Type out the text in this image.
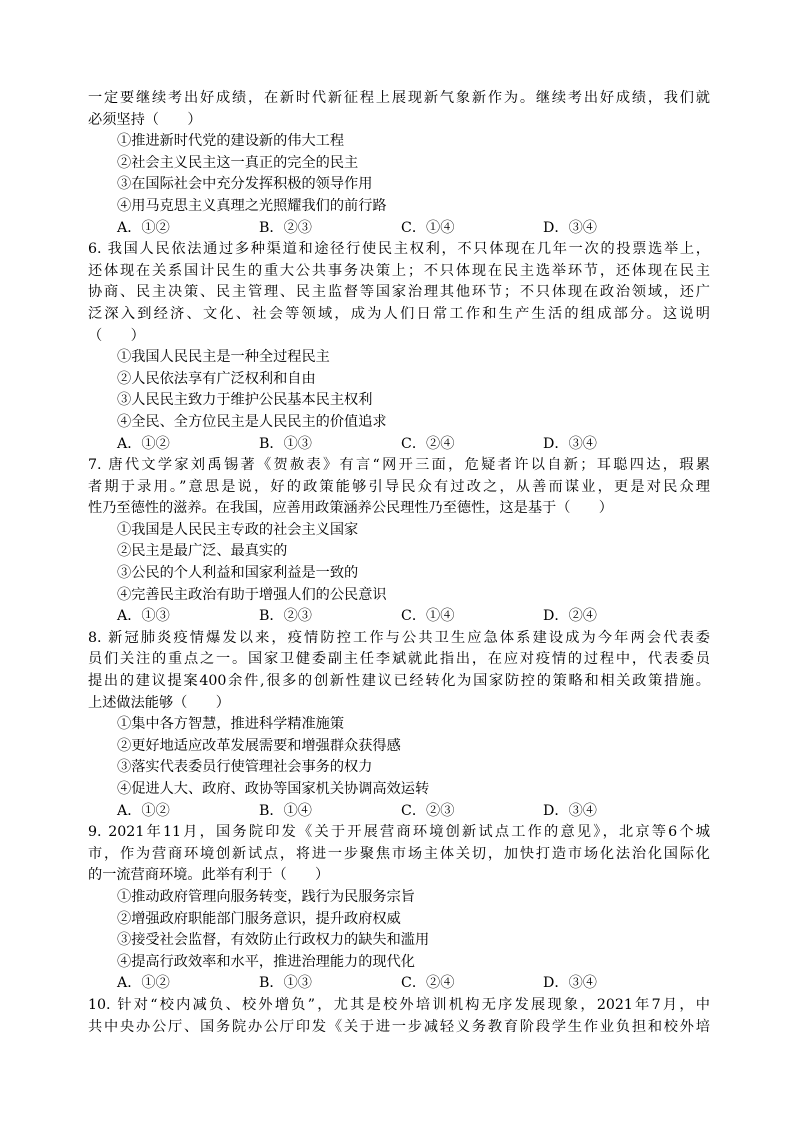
一定要继续考出好成绩，在新时代新征程上展现新气象新作为。继续考出好成绩，我们就
必须坚持（　　）
①推进新时代党的建设新的伟大工程
②社会主义民主这一真正的完全的民主
③在国际社会中充分发挥积极的领导作用
④用马克思主义真理之光照耀我们的前行路
A．①②	B．②③	C．①④	D．③④
6. 我国人民依法通过多种渠道和途径行使民主权利，不只体现在几年一次的投票选举上，
还体现在关系国计民生的重大公共事务决策上；不只体现在民主选举环节，还体现在民主
协商、民主决策、民主管理、民主监督等国家治理其他环节；不只体现在政治领域，还广
泛深入到经济、文化、社会等领域，成为人们日常工作和生产生活的组成部分。这说明
（　　）
①我国人民民主是一种全过程民主
②人民依法享有广泛权利和自由
③人民民主致力于维护公民基本民主权利
④全民、全方位民主是人民民主的价值追求
A．①②	B．①③	C．②④	D．③④
7. 唐代文学家刘禹锡著《贺赦表》有言“网开三面，危疑者许以自新；耳聪四达，瑕累
者期于录用。”意思是说，好的政策能够引导民众有过改之，从善而谋业，更是对民众理
性乃至德性的滋养。在我国，应善用政策涵养公民理性乃至德性，这是基于（　　）
①我国是人民民主专政的社会主义国家
②民主是最广泛、最真实的
③公民的个人利益和国家利益是一致的
④完善民主政治有助于增强人们的公民意识
A．①③	B．②③	C．①④	D．②④
8. 新冠肺炎疫情爆发以来，疫情防控工作与公共卫生应急体系建设成为今年两会代表委
员们关注的重点之一。国家卫健委副主任李斌就此指出，在应对疫情的过程中，代表委员
提出的建议提案400余件,很多的创新性建议已经转化为国家防控的策略和相关政策措施。
上述做法能够（　　）
①集中各方智慧，推进科学精准施策
②更好地适应改革发展需要和增强群众获得感
③落实代表委员行使管理社会事务的权力
④促进人大、政府、政协等国家机关协调高效运转
A．①②	B．①④	C．②③	D．③④
9. 2021年11月，国务院印发《关于开展营商环境创新试点工作的意见》，北京等6个城
市，作为营商环境创新试点，将进一步聚焦市场主体关切，加快打造市场化法治化国际化
的一流营商环境。此举有利于（　　）
①推动政府管理向服务转变，践行为民服务宗旨
②增强政府职能部门服务意识，提升政府权威
③接受社会监督，有效防止行政权力的缺失和滥用
④提高行政效率和水平，推进治理能力的现代化
A．①②	B．①③	C．②④	D．③④
10. 针对“校内减负、校外增负”，尤其是校外培训机构无序发展现象，2021年7月，中
共中央办公厅、国务院办公厅印发《关于进一步减轻义务教育阶段学生作业负担和校外培
